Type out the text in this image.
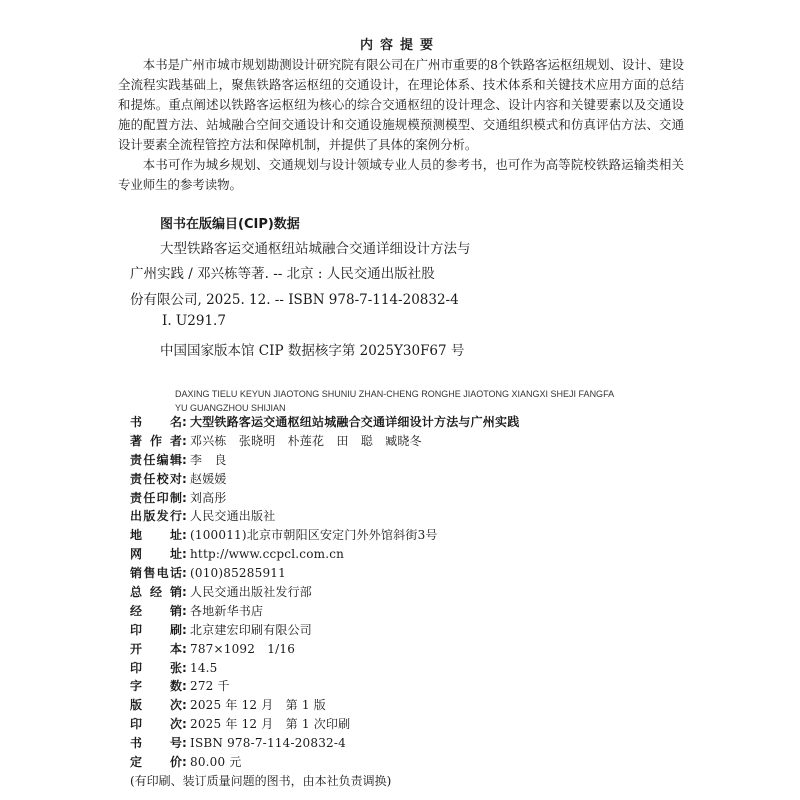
内容提要

本书是广州市城市规划勘测设计研究院有限公司在广州市重要的8个铁路客运枢纽规划、设计、建设全流程实践基础上，聚焦铁路客运枢纽的交通设计，在理论体系、技术体系和关键技术应用方面的总结和提炼。重点阐述以铁路客运枢纽为核心的综合交通枢纽的设计理念、设计内容和关键要素以及交通设施的配置方法、站城融合空间交通设计和交通设施规模预测模型、交通组织模式和仿真评估方法、交通设计要素全流程管控方法和保障机制，并提供了具体的案例分析。

本书可作为城乡规划、交通规划与设计领域专业人员的参考书，也可作为高等院校铁路运输类相关专业师生的参考读物。

图书在版编目(CIP)数据
大型铁路客运交通枢纽站城融合交通详细设计方法与
广州实践 / 邓兴栋等著. -- 北京 : 人民交通出版社股
份有限公司, 2025. 12. -- ISBN 978-7-114-20832-4
Ⅰ. U291.7
中国国家版本馆 CIP 数据核字第 2025Y30F67 号
DAXING TIELU KEYUN JIAOTONG SHUNIU ZHAN-CHENG RONGHE JIAOTONG XIANGXI SHEJI FANGFA
YU GUANGZHOU SHIJIAN
书名 : 大型铁路客运交通枢纽站城融合交通详细设计方法与广州实践
著作者 : 邓兴栋　张晓明　朴莲花　田　聪　臧晓冬
责任编辑 : 李　良
责任校对 : 赵媛媛
责任印制 : 刘高彤
出版发行 : 人民交通出版社
地址 : (100011)北京市朝阳区安定门外外馆斜街3号
网址 : http://www.ccpcl.com.cn
销售电话 : (010)85285911
总经销 : 人民交通出版社发行部
经销 : 各地新华书店
印刷 : 北京建宏印刷有限公司
开本 : 787×1092　1/16
印张 : 14.5
字数 : 272 千
版次 : 2025 年 12 月　第 1 版
印次 : 2025 年 12 月　第 1 次印刷
书号 : ISBN 978-7-114-20832-4
定价 : 80.00 元
(有印刷、装订质量问题的图书，由本社负责调换)
